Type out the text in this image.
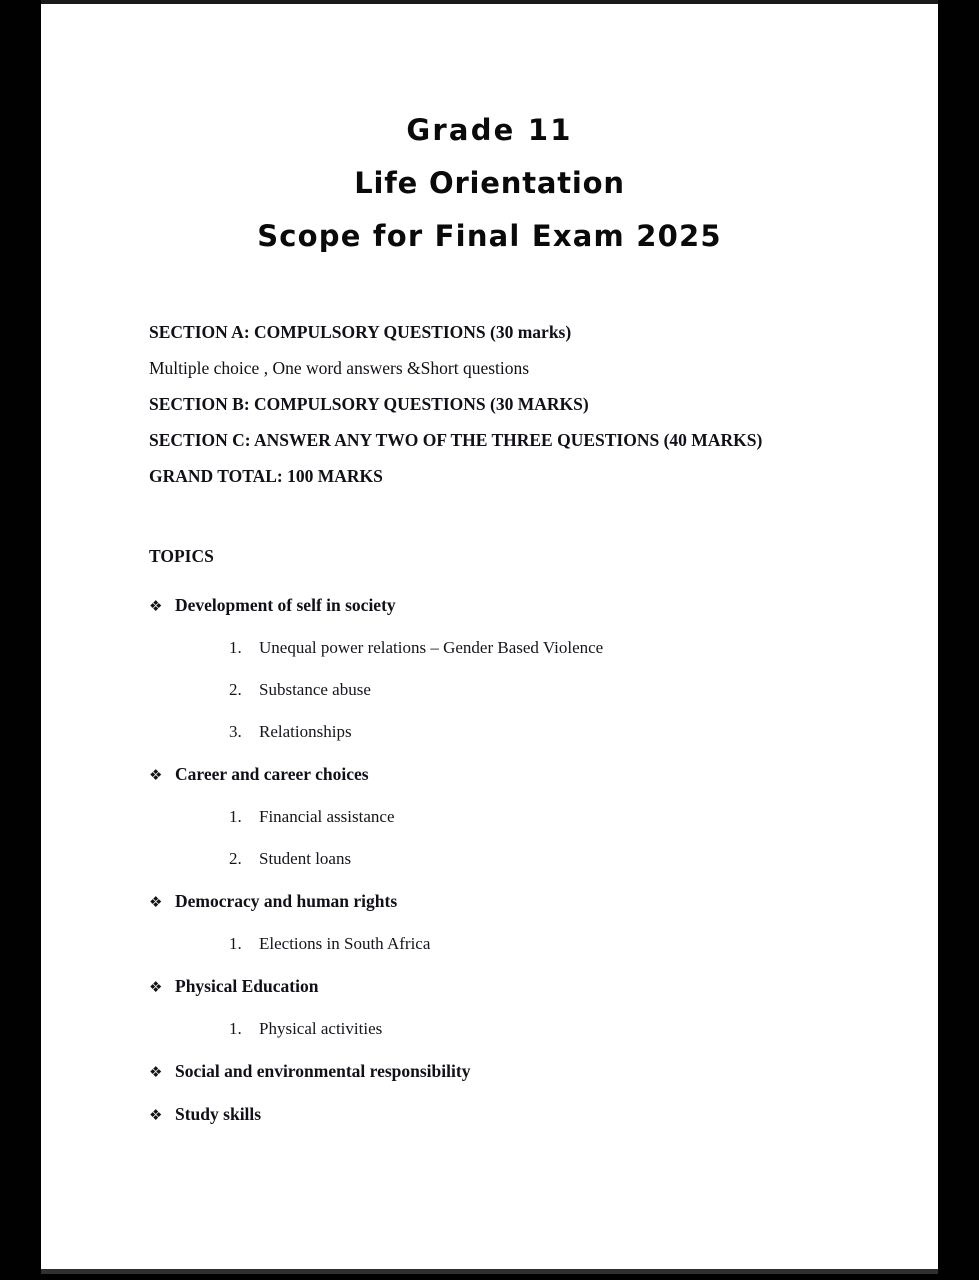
Grade 11
Life Orientation
Scope for Final Exam 2025
SECTION A: COMPULSORY QUESTIONS (30 marks)
Multiple choice , One word answers &Short questions
SECTION B: COMPULSORY QUESTIONS (30 MARKS)
SECTION C: ANSWER ANY TWO OF THE THREE QUESTIONS (40 MARKS)
GRAND TOTAL: 100 MARKS
TOPICS
❖ Development of self in society
1.	Unequal power relations – Gender Based Violence
2.	Substance abuse
3.	Relationships
❖ Career and career choices
1.	Financial assistance
2.	Student loans
❖ Democracy and human rights
1.	Elections in South Africa
❖ Physical Education
1.	Physical activities
❖ Social and environmental responsibility
❖ Study skills
